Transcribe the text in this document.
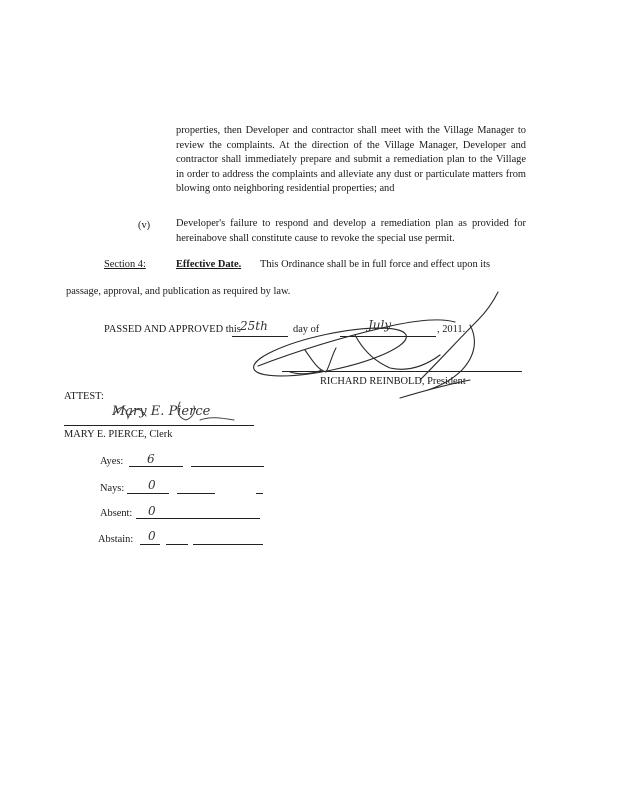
properties, then Developer and contractor shall meet with the Village Manager to review the complaints. At the direction of the Village Manager, Developer and contractor shall immediately prepare and submit a remediation plan to the Village in order to address the complaints and alleviate any dust or particulate matters from blowing onto neighboring residential properties; and
(v) Developer's failure to respond and develop a remediation plan as provided for hereinabove shall constitute cause to revoke the special use permit.
Section 4:	Effective Date. This Ordinance shall be in full force and effect upon its
passage, approval, and publication as required by law.
PASSED AND APPROVED this 25th day of	July	, 2011.
RICHARD REINBOLD, President
ATTEST:
Mary E. Pierce
MARY E. PIERCE, Clerk
Ayes: 6
Nays: 0
Absent: 0
Abstain: 0
